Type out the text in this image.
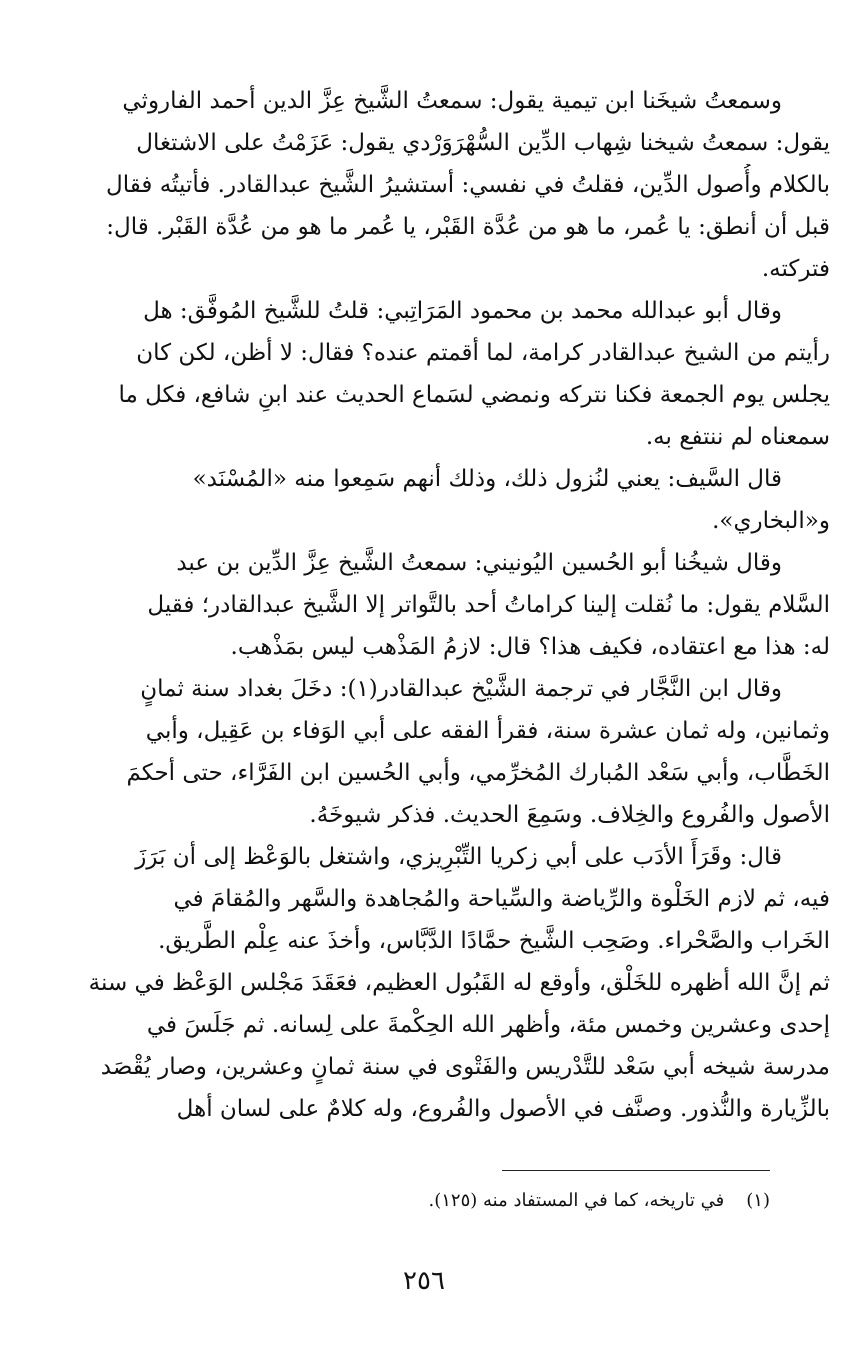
وسمعتُ شيخَنا ابن تيمية يقول: سمعتُ الشَّيخ عِزَّ الدين أحمد الفاروثي
يقول: سمعتُ شيخنا شِهاب الدِّين السُّهْرَوَرْدي يقول: عَزَمْتُ على الاشتغال
بالكلام وأُصول الدِّين، فقلتُ في نفسي: أستشيرُ الشَّيخ عبدالقادر. فأتيتُه فقال
قبل أن أنطق: يا عُمر، ما هو من عُدَّة القَبْر، يا عُمر ما هو من عُدَّة القَبْر. قال:
فتركته.
وقال أبو عبدالله محمد بن محمود المَرَاتِبي: قلتُ للشَّيخ المُوفَّق: هل
رأيتم من الشيخ عبدالقادر كرامة، لما أقمتم عنده؟ فقال: لا أظن، لكن كان
يجلس يوم الجمعة فكنا نتركه ونمضي لسَماع الحديث عند ابنِ شافع، فكل ما
سمعناه لم ننتفع به.
قال السَّيف: يعني لنُزول ذلك، وذلك أنهم سَمِعوا منه «المُسْنَد»
و«البخاري».
وقال شيخُنا أبو الحُسين اليُونيني: سمعتُ الشَّيخ عِزَّ الدِّين بن عبد
السَّلام يقول: ما نُقلت إلينا كراماتُ أحد بالتَّواتر إلا الشَّيخ عبدالقادر؛ فقيل
له: هذا مع اعتقاده، فكيف هذا؟ قال: لازمُ المَذْهب ليس بمَذْهب.
وقال ابن النَّجَّار في ترجمة الشَّيْخ عبدالقادر(١): دخَلَ بغداد سنة ثمانٍ
وثمانين، وله ثمان عشرة سنة، فقرأ الفقه على أبي الوَفاء بن عَقِيل، وأبي
الخَطَّاب، وأبي سَعْد المُبارك المُخرِّمي، وأبي الحُسين ابن الفَرَّاء، حتى أحكمَ
الأصول والفُروع والخِلاف. وسَمِعَ الحديث. فذكر شيوخَهُ.
قال: وقَرَأَ الأدَب على أبي زكريا التِّبْرِيزي، واشتغل بالوَعْظ إلى أن بَرَزَ
فيه، ثم لازم الخَلْوة والرِّياضة والسِّياحة والمُجاهدة والسَّهر والمُقامَ في
الخَراب والصَّحْراء. وصَحِب الشَّيخ حمَّادًا الدَّبَّاس، وأخذَ عنه عِلْم الطَّريق.
ثم إنَّ الله أظهره للخَلْق، وأوقع له القَبُول العظيم، فعَقَدَ مَجْلس الوَعْظ في سنة
إحدى وعشرين وخمس مئة، وأظهر الله الحِكْمةَ على لِسانه. ثم جَلَسَ في
مدرسة شيخه أبي سَعْد للتَّدْريس والفَتْوى في سنة ثمانٍ وعشرين، وصار يُقْصَد
بالزِّيارة والنُّذور. وصنَّف في الأصول والفُروع، وله كلامٌ على لسان أهل
(١)في تاريخه، كما في المستفاد منه (١٢٥).
٢٥٦
